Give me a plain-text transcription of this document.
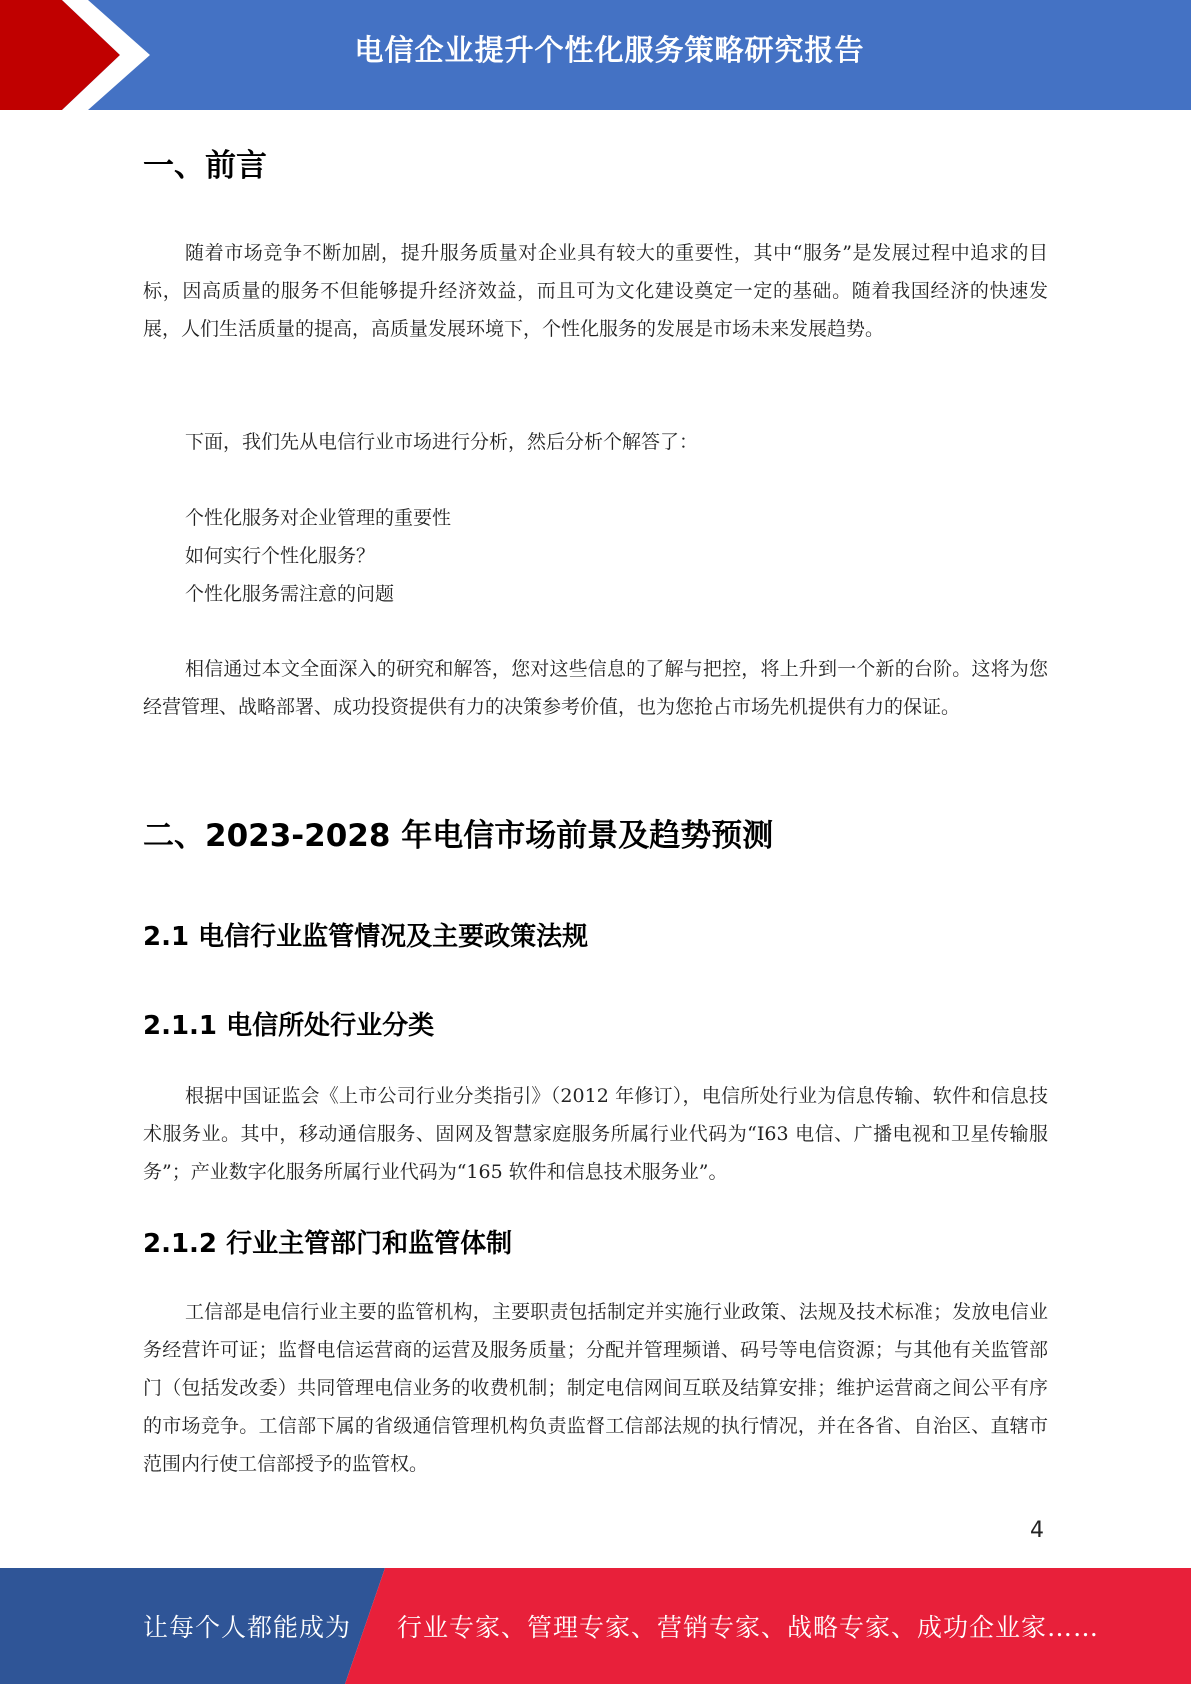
电信企业提升个性化服务策略研究报告
一、前言

随着市场竞争不断加剧，提升服务质量对企业具有较大的重要性，其中“服务”是发展过程中追求的目标，因高质量的服务不但能够提升经济效益，而且可为文化建设奠定一定的基础。随着我国经济的快速发展，人们生活质量的提高，高质量发展环境下，个性化服务的发展是市场未来发展趋势。

下面，我们先从电信行业市场进行分析，然后分析个解答了：

个性化服务对企业管理的重要性
如何实行个性化服务？
个性化服务需注意的问题

相信通过本文全面深入的研究和解答，您对这些信息的了解与把控，将上升到一个新的台阶。这将为您经营管理、战略部署、成功投资提供有力的决策参考价值，也为您抢占市场先机提供有力的保证。

二、2023-2028 年电信市场前景及趋势预测
2.1 电信行业监管情况及主要政策法规
2.1.1 电信所处行业分类

根据中国证监会《上市公司行业分类指引》（2012 年修订），电信所处行业为信息传输、软件和信息技术服务业。其中，移动通信服务、固网及智慧家庭服务所属行业代码为“I63 电信、广播电视和卫星传输服务”；产业数字化服务所属行业代码为“165 软件和信息技术服务业”。

2.1.2 行业主管部门和监管体制

工信部是电信行业主要的监管机构，主要职责包括制定并实施行业政策、法规及技术标准；发放电信业务经营许可证；监督电信运营商的运营及服务质量；分配并管理频谱、码号等电信资源；与其他有关监管部门（包括发改委）共同管理电信业务的收费机制；制定电信网间互联及结算安排；维护运营商之间公平有序的市场竞争。工信部下属的省级通信管理机构负责监督工信部法规的执行情况，并在各省、自治区、直辖市范围内行使工信部授予的监管权。

4
让每个人都能成为 行业专家、管理专家、营销专家、战略专家、成功企业家……
